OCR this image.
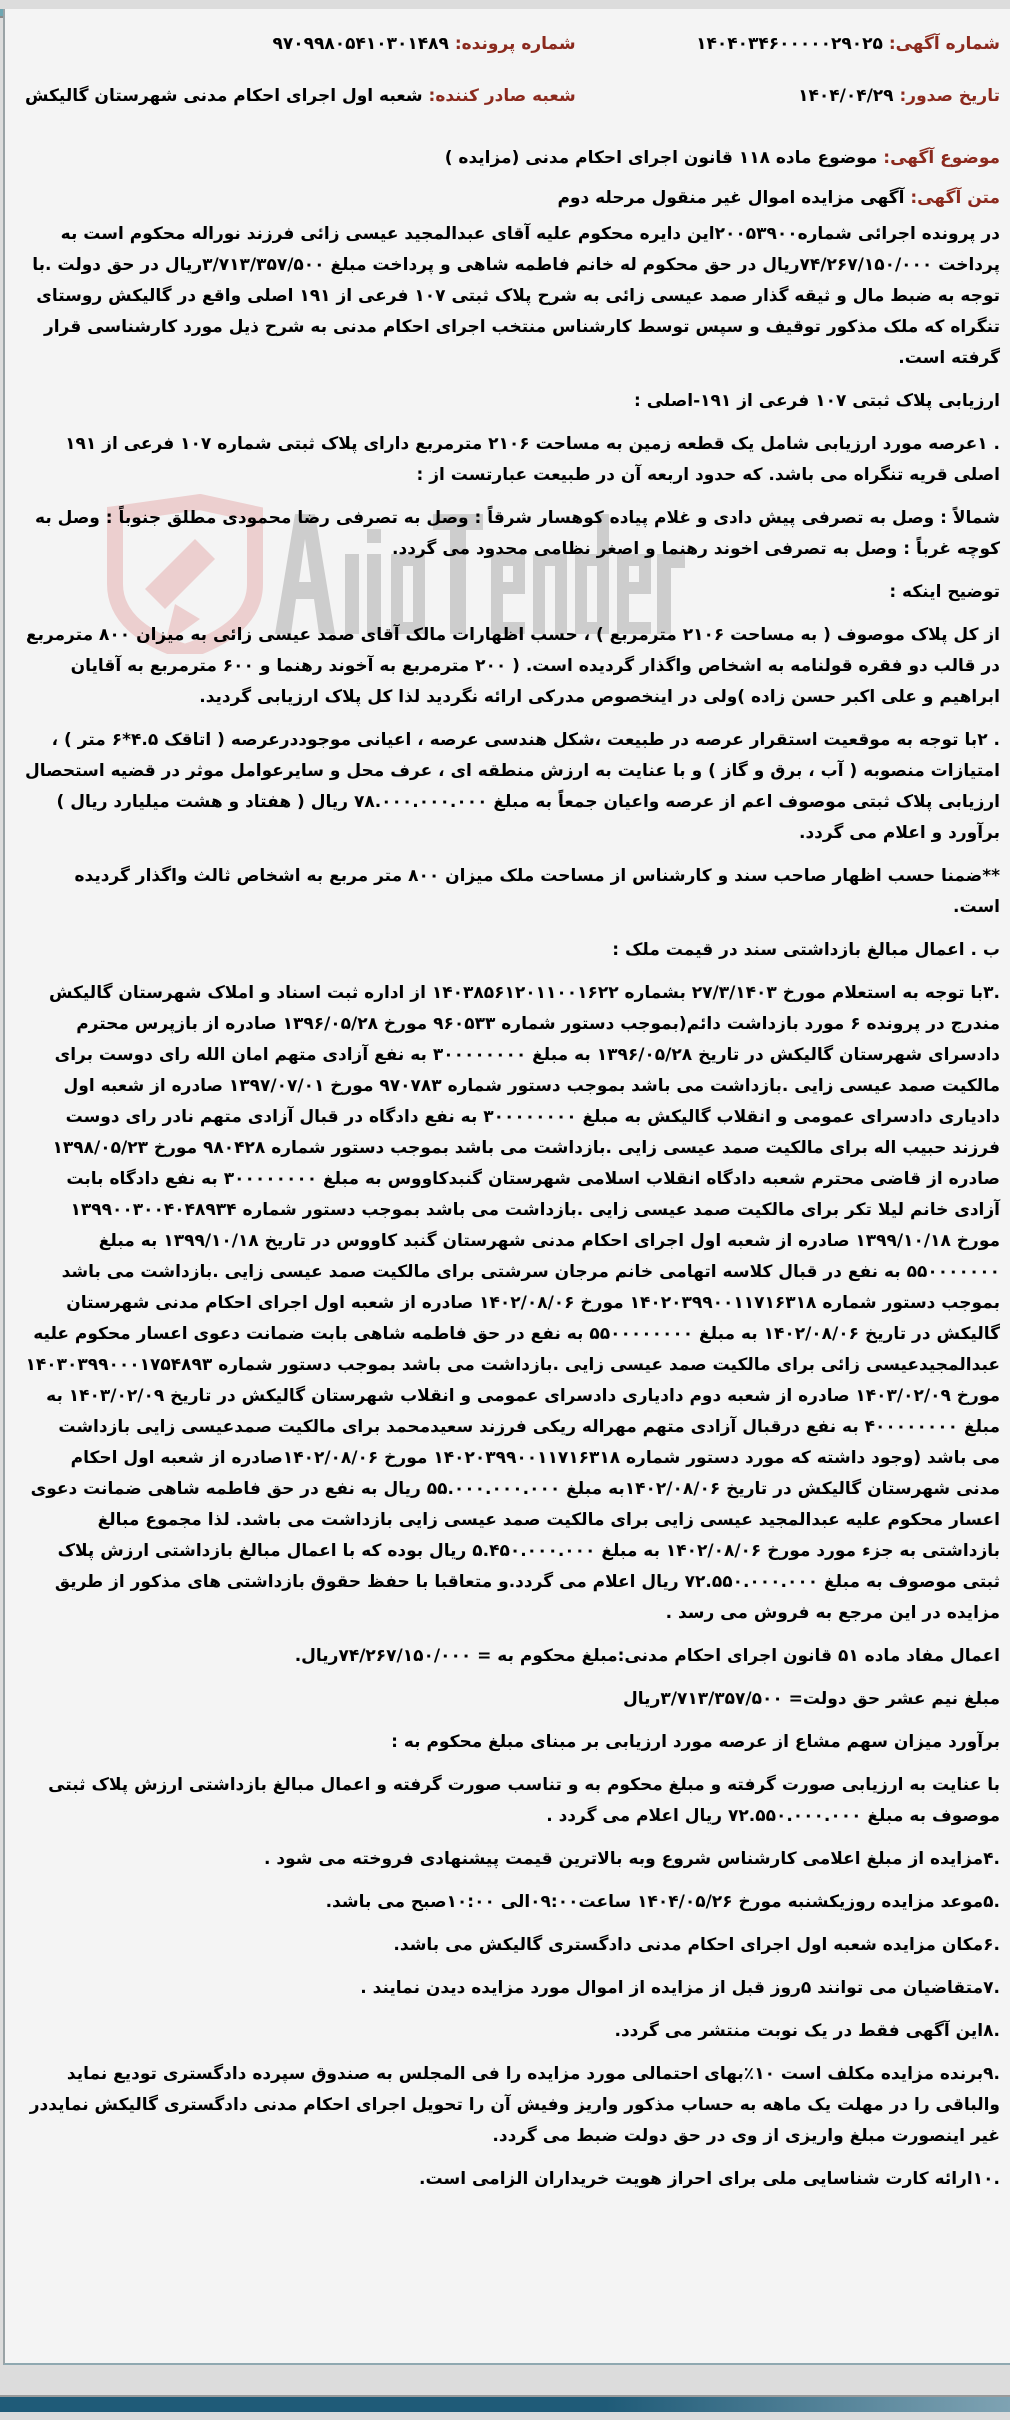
شماره آگهی: ۱۴۰۴۰۳۴۶۰۰۰۰۰۲۹۰۲۵
تاریخ صدور: ۱۴۰۴/۰۴/۲۹
شماره پرونده: ۹۷۰۹۹۸۰۵۴۱۰۳۰۱۴۸۹
شعبه صادر کننده: شعبه اول اجرای احکام مدنی شهرستان گالیکش
موضوع آگهی: موضوع ماده ۱۱۸ قانون اجرای احکام مدنی (مزایده )
متن آگهی: آگهی مزایده اموال غیر منقول مرحله دوم

در پرونده اجرائی شماره۲۰۰۵۳۹۰۰این دایره محکوم علیه آقای عبدالمجید عیسی زائی فرزند نوراله محکوم است به پرداخت ۷۴/۲۶۷/۱۵۰/۰۰۰ریال در حق محکوم له خانم فاطمه شاهی و پرداخت مبلغ ۳/۷۱۳/۳۵۷/۵۰۰ریال در حق دولت .با توجه به ضبط مال و ثیقه گذار صمد عیسی زائی به شرح پلاک ثبتی ۱۰۷ فرعی از ۱۹۱ اصلی واقع در گالیکش روستای تنگراه که ملک مذکور توقیف و سپس توسط کارشناس منتخب اجرای احکام مدنی به شرح ذیل مورد کارشناسی قرار گرفته است.

ارزیابی پلاک ثبتی ۱۰۷ فرعی از ۱۹۱-اصلی :

. ۱عرصه مورد ارزیابی شامل یک قطعه زمین به مساحت ۲۱۰۶ مترمربع دارای پلاک ثبتی شماره ۱۰۷ فرعی از ۱۹۱ اصلی قریه تنگراه می باشد. که حدود اربعه آن در طبیعت عبارتست از :

شمالاً : وصل به تصرفی پیش دادی و غلام پیاده کوهسار شرقاً : وصل به تصرفی رضا محمودی مطلق جنوباً : وصل به کوچه غرباً : وصل به تصرفی اخوند رهنما و اصغر نظامی محدود می گردد.

توضیح اینکه :

از کل پلاک موصوف ( به مساحت ۲۱۰۶ مترمربع ) ، حسب اظهارات مالک آقای صمد عیسی زائی به میزان ۸۰۰ مترمربع در قالب دو فقره قولنامه به اشخاص واگذار گردیده است. ( ۲۰۰ مترمربع به آخوند رهنما و ۶۰۰ مترمربع به آقایان ابراهیم و علی اکبر حسن زاده )ولی در اینخصوص مدرکی ارائه نگردید لذا کل پلاک ارزیابی گردید.

. ۲با توجه به موقعیت استقرار عرصه در طبیعت ،شکل هندسی عرصه ، اعیانی موجوددرعرصه ( اتاقک ۴.۵*۶ متر ) ، امتیازات منصوبه ( آب ، برق و گاز ) و با عنایت به ارزش منطقه ای ، عرف محل و سایرعوامل موثر در قضیه استحصال ارزیابی پلاک ثبتی موصوف اعم از عرصه واعیان جمعاً به مبلغ ۷۸.۰۰۰.۰۰۰.۰۰۰ ریال ( هفتاد و هشت میلیارد ریال ) برآورد و اعلام می گردد.

**ضمنا حسب اظهار صاحب سند و کارشناس از مساحت ملک میزان ۸۰۰ متر مربع به اشخاص ثالث واگذار گردیده است.

ب . اعمال مبالغ بازداشتی سند در قیمت ملک :

.۳با توجه به استعلام مورخ ۲۷/۳/۱۴۰۳ بشماره ۱۴۰۳۸۵۶۱۲۰۱۱۰۰۱۶۲۲ از اداره ثبت اسناد و املاک شهرستان گالیکش مندرج در پرونده ۶ مورد بازداشت دائم(بموجب دستور شماره ۹۶۰۵۳۳ مورخ ۱۳۹۶/۰۵/۲۸ صادره از بازپرس محترم دادسرای شهرستان گالیکش در تاریخ ۱۳۹۶/۰۵/۲۸ به مبلغ ۳۰۰۰۰۰۰۰۰ به نفع آزادی متهم امان الله رای دوست برای مالکیت صمد عیسی زایی .بازداشت می باشد بموجب دستور شماره ۹۷۰۷۸۳ مورخ ۱۳۹۷/۰۷/۰۱ صادره از شعبه اول دادیاری دادسرای عمومی و انقلاب گالیکش به مبلغ ۳۰۰۰۰۰۰۰۰ به نفع دادگاه در قبال آزادی متهم نادر رای دوست فرزند حبیب اله برای مالکیت صمد عیسی زایی .بازداشت می باشد بموجب دستور شماره ۹۸۰۴۲۸ مورخ ۱۳۹۸/۰۵/۲۳ صادره از قاضی محترم شعبه دادگاه انقلاب اسلامی شهرستان گنبدکاووس به مبلغ ۳۰۰۰۰۰۰۰۰ به نفع دادگاه بابت آزادی خانم لیلا تکر برای مالکیت صمد عیسی زایی .بازداشت می باشد بموجب دستور شماره ۱۳۹۹۰۰۳۰۰۴۰۴۸۹۳۴ مورخ ۱۳۹۹/۱۰/۱۸ صادره از شعبه اول اجرای احکام مدنی شهرستان گنبد کاووس در تاریخ ۱۳۹۹/۱۰/۱۸ به مبلغ ۵۵۰۰۰۰۰۰۰ به نفع در قبال کلاسه اتهامی خانم مرجان سرشتی برای مالکیت صمد عیسی زایی .بازداشت می باشد بموجب دستور شماره ۱۴۰۲۰۳۹۹۰۰۱۱۷۱۶۳۱۸ مورخ ۱۴۰۲/۰۸/۰۶ صادره از شعبه اول اجرای احکام مدنی شهرستان گالیکش در تاریخ ۱۴۰۲/۰۸/۰۶ به مبلغ ۵۵۰۰۰۰۰۰۰۰ به نفع در حق فاطمه شاهی بابت ضمانت دعوی اعسار محکوم علیه عبدالمجیدعیسی زائی برای مالکیت صمد عیسی زایی .بازداشت می باشد بموجب دستور شماره ۱۴۰۳۰۳۹۹۰۰۰۱۷۵۴۸۹۳ مورخ ۱۴۰۳/۰۲/۰۹ صادره از شعبه دوم دادیاری دادسرای عمومی و انقلاب شهرستان گالیکش در تاریخ ۱۴۰۳/۰۲/۰۹ به مبلغ ۴۰۰۰۰۰۰۰۰ به نفع درقبال آزادی متهم مهراله ریکی فرزند سعیدمحمد برای مالکیت صمدعیسی زایی بازداشت می باشد (وجود داشته که مورد دستور شماره ۱۴۰۲۰۳۹۹۰۰۱۱۷۱۶۳۱۸ مورخ ۱۴۰۲/۰۸/۰۶صادره از شعبه اول احکام مدنی شهرستان گالیکش در تاریخ ۱۴۰۲/۰۸/۰۶به مبلغ ۵۵.۰۰۰.۰۰۰.۰۰۰ ریال به نفع در حق فاطمه شاهی ضمانت دعوی اعسار محکوم علیه عبدالمجید عیسی زایی برای مالکیت صمد عیسی زایی بازداشت می باشد. لذا مجموع مبالغ بازداشتی به جزء مورد مورخ ۱۴۰۲/۰۸/۰۶ به مبلغ ۵.۴۵۰.۰۰۰.۰۰۰ ریال بوده که با اعمال مبالغ بازداشتی ارزش پلاک ثبتی موصوف به مبلغ ۷۲.۵۵۰.۰۰۰.۰۰۰ ریال اعلام می گردد.و متعاقبا با حفظ حقوق بازداشتی های مذکور از طریق مزایده در این مرجع به فروش می رسد .

اعمال مفاد ماده ۵۱ قانون اجرای احکام مدنی:مبلغ محکوم به = ۷۴/۲۶۷/۱۵۰/۰۰۰ریال.

مبلغ نیم عشر حق دولت= ۳/۷۱۳/۳۵۷/۵۰۰ریال

برآورد میزان سهم مشاع از عرصه مورد ارزیابی بر مبنای مبلغ محکوم به :

با عنایت به ارزیابی صورت گرفته و مبلغ محکوم به و تناسب صورت گرفته و اعمال مبالغ بازداشتی ارزش پلاک ثبتی موصوف به مبلغ ۷۲.۵۵۰.۰۰۰.۰۰۰ ریال اعلام می گردد .

.۴مزایده از مبلغ اعلامی کارشناس شروع وبه بالاترین قیمت پیشنهادی فروخته می شود .

.۵موعد مزایده روزیکشنبه مورخ ۱۴۰۴/۰۵/۲۶ ساعت۰۹:۰۰الی ۱۰:۰۰صبح می باشد.

.۶مکان مزایده شعبه اول اجرای احکام مدنی دادگستری گالیکش می باشد.

.۷متقاضیان می توانند ۵روز قبل از مزایده از اموال مورد مزایده دیدن نمایند .

.۸این آگهی فقط در یک نوبت منتشر می گردد.

.۹برنده مزایده مکلف است ۱۰٪بهای احتمالی مورد مزایده را فی المجلس به صندوق سپرده دادگستری تودیع نماید والباقی را در مهلت یک ماهه به حساب مذکور واریز وفیش آن را تحویل اجرای احکام مدنی دادگستری گالیکش نمایددر غیر اینصورت مبلغ واریزی از وی در حق دولت ضبط می گردد.

.۱۰ارائه کارت شناسایی ملی برای احراز هویت خریداران الزامی است.
